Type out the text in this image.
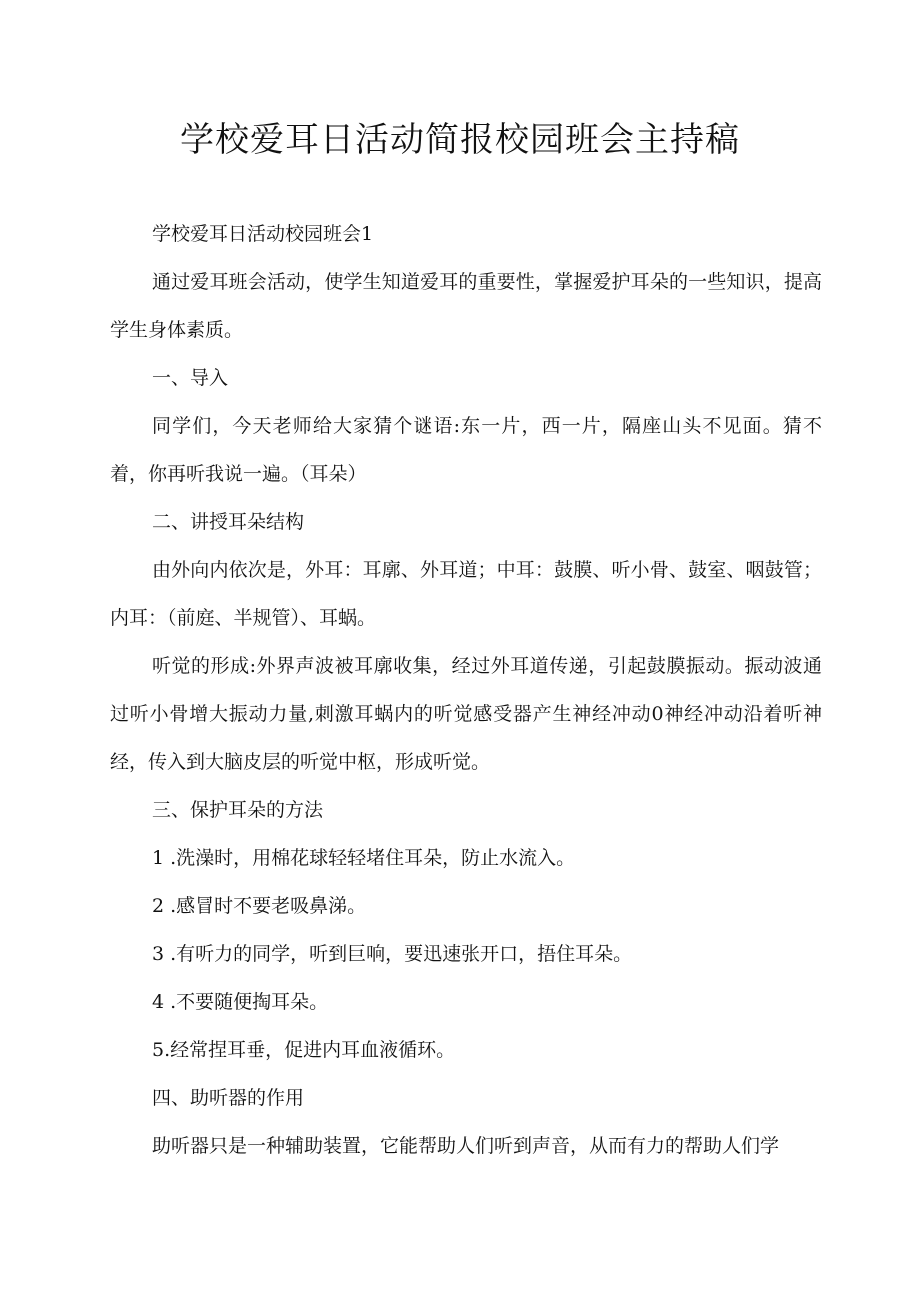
学校爱耳日活动简报校园班会主持稿

学校爱耳日活动校园班会1

通过爱耳班会活动，使学生知道爱耳的重要性，掌握爱护耳朵的一些知识，提高学生身体素质。

一、导入

同学们，今天老师给大家猜个谜语:东一片，西一片，隔座山头不见面。猜不着，你再听我说一遍。（耳朵）

二、讲授耳朵结构

由外向内依次是，外耳：耳廓、外耳道；中耳：鼓膜、听小骨、鼓室、咽鼓管；内耳：（前庭、半规管）、耳蜗。

听觉的形成:外界声波被耳廓收集，经过外耳道传递，引起鼓膜振动。振动波通过听小骨增大振动力量,刺激耳蜗内的听觉感受器产生神经冲动0神经冲动沿着听神经，传入到大脑皮层的听觉中枢，形成听觉。

三、保护耳朵的方法

1 .洗澡时，用棉花球轻轻堵住耳朵，防止水流入。

2 .感冒时不要老吸鼻涕。

3 .有听力的同学，听到巨响，要迅速张开口，捂住耳朵。

4 .不要随便掏耳朵。

5.经常捏耳垂，促进内耳血液循环。

四、助听器的作用

助听器只是一种辅助装置，它能帮助人们听到声音，从而有力的帮助人们学
